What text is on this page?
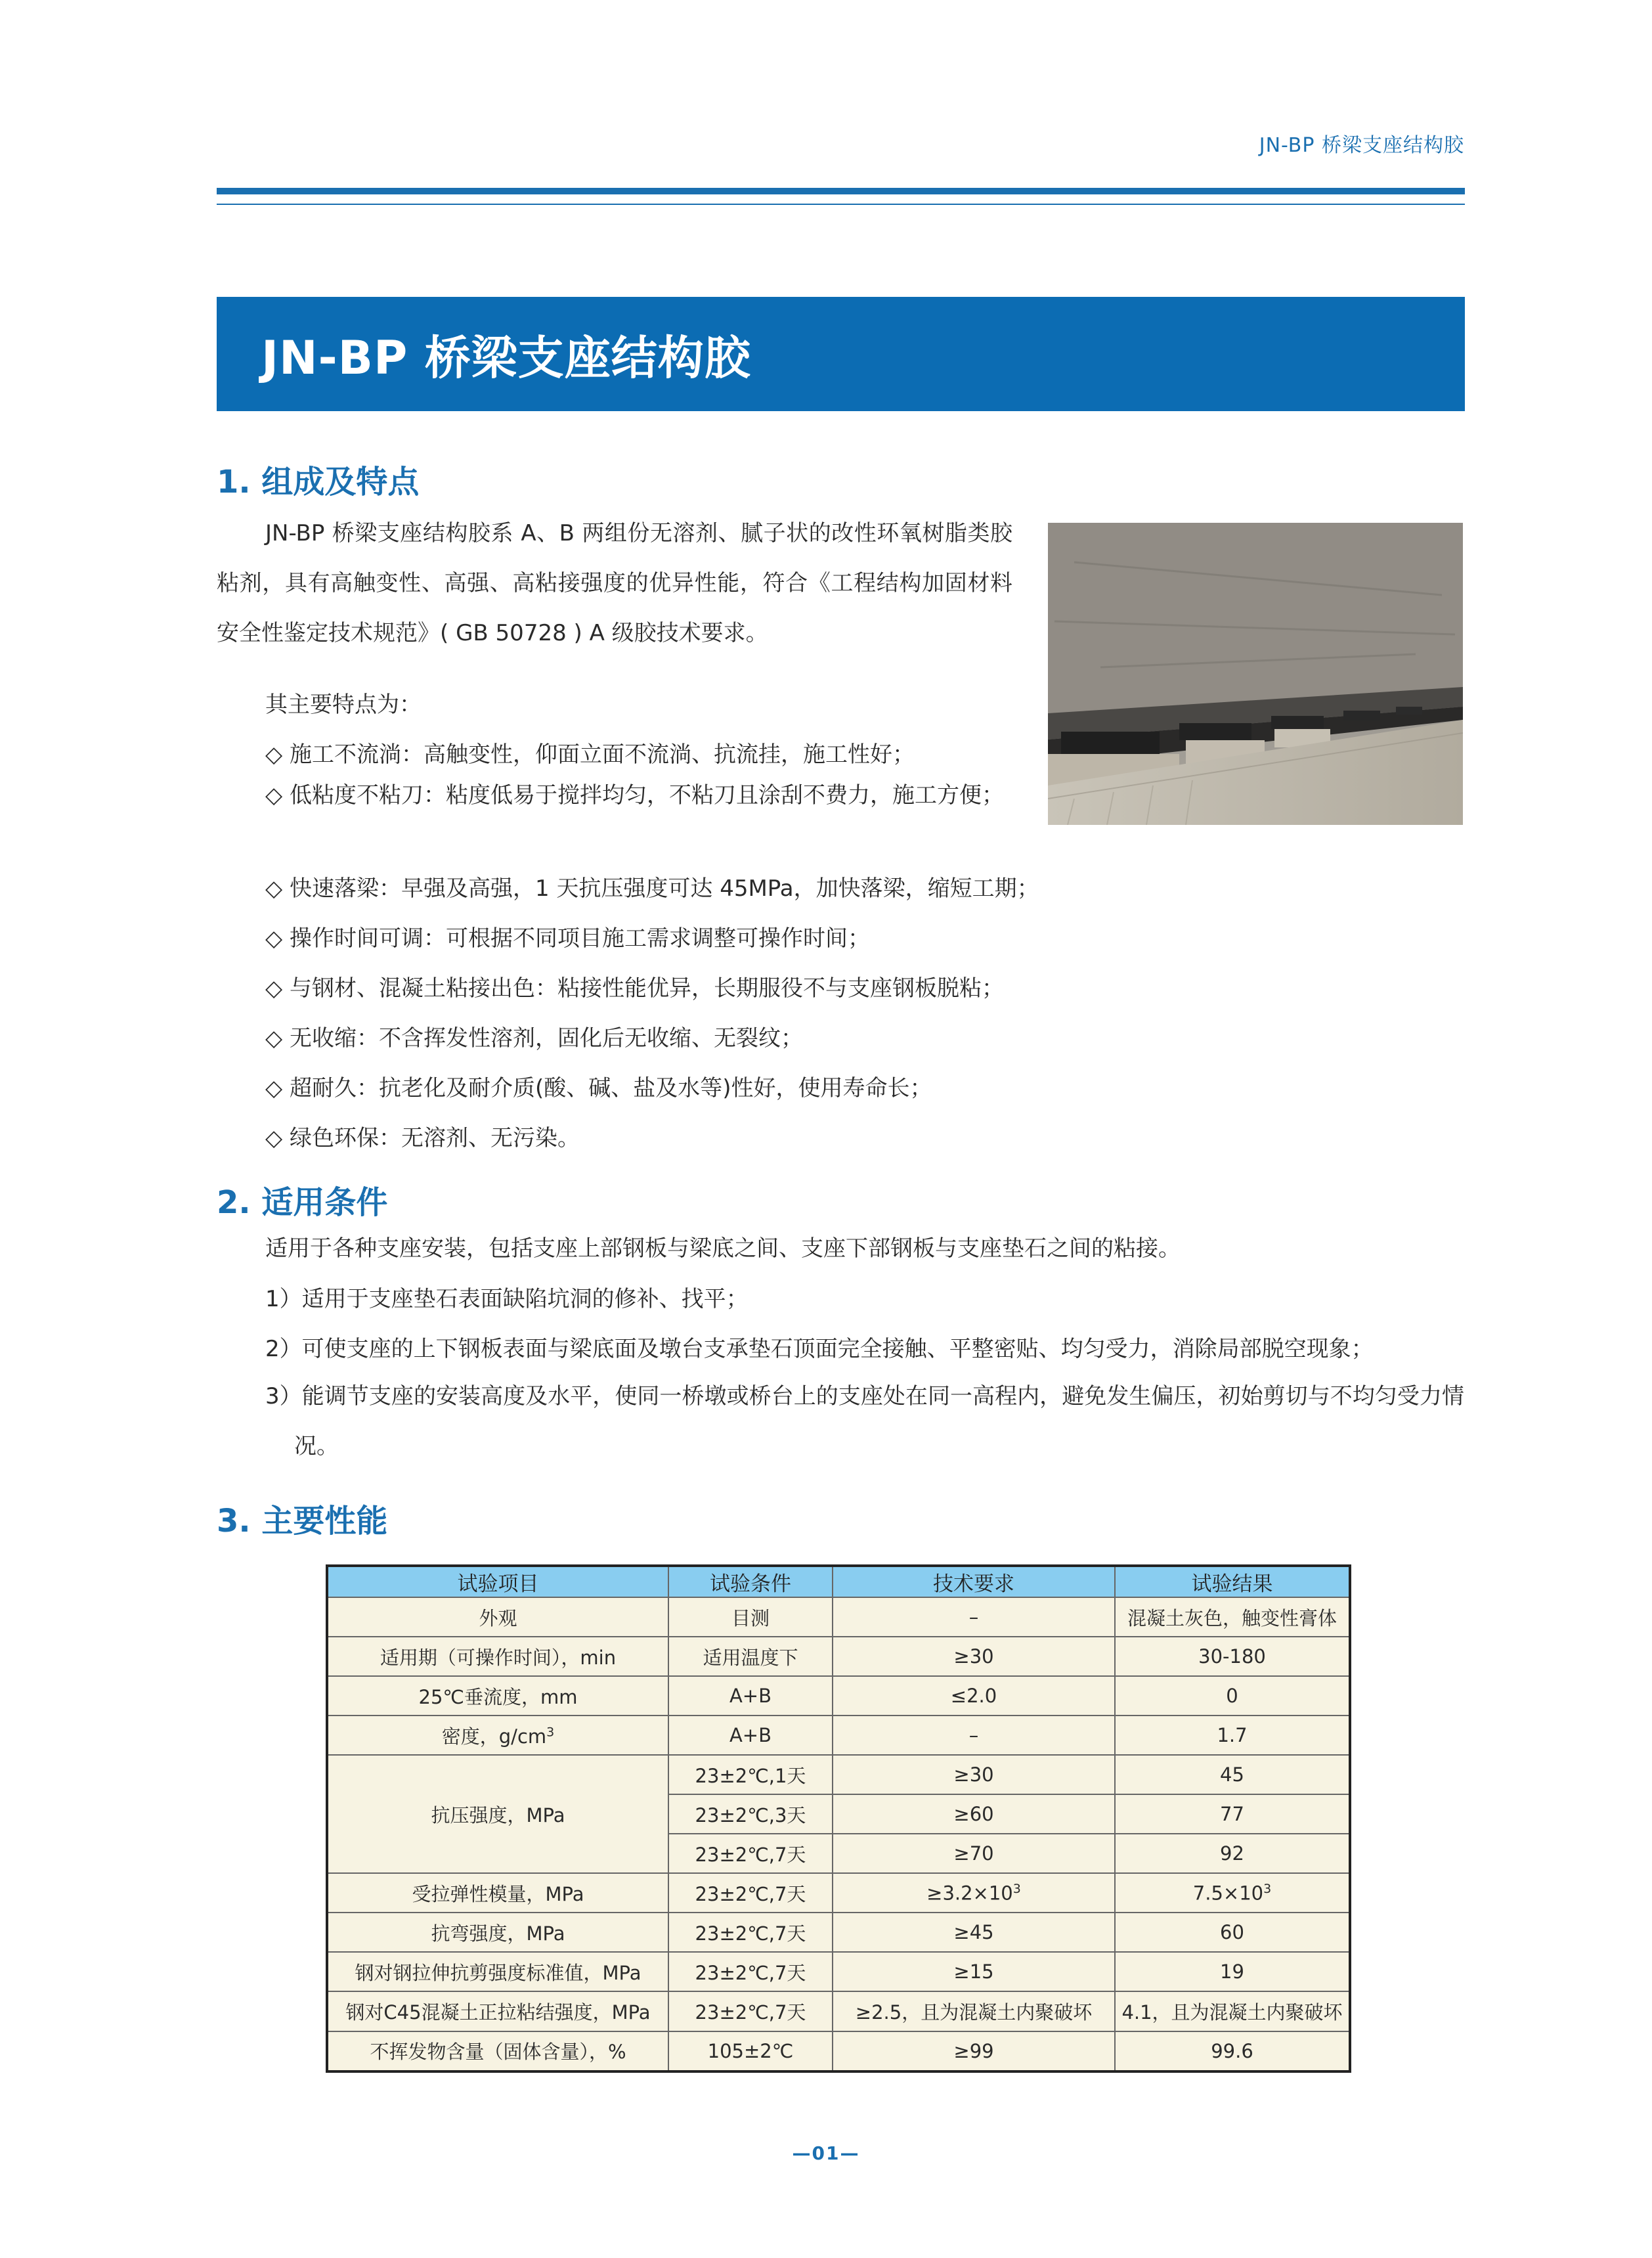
JN-BP 桥梁支座结构胶
JN-BP 桥梁支座结构胶
1. 组成及特点

JN-BP 桥梁支座结构胶系 A、B 两组份无溶剂、腻子状的改性环氧树脂类胶粘剂，具有高触变性、高强、高粘接强度的优异性能，符合《工程结构加固材料安全性鉴定技术规范》( GB 50728 ) A 级胶技术要求。

其主要特点为：
◇ 施工不流淌：高触变性，仰面立面不流淌、抗流挂，施工性好；

◇ 低粘度不粘刀：粘度低易于搅拌均匀，不粘刀且涂刮不费力，施工方便；

◇ 快速落梁：早强及高强，1 天抗压强度可达 45MPa，加快落梁，缩短工期；
◇ 操作时间可调：可根据不同项目施工需求调整可操作时间；
◇ 与钢材、混凝土粘接出色：粘接性能优异，长期服役不与支座钢板脱粘；
◇ 无收缩：不含挥发性溶剂，固化后无收缩、无裂纹；
◇ 超耐久：抗老化及耐介质(酸、碱、盐及水等)性好，使用寿命长；
◇ 绿色环保：无溶剂、无污染。
2. 适用条件
适用于各种支座安装，包括支座上部钢板与梁底之间、支座下部钢板与支座垫石之间的粘接。
1）适用于支座垫石表面缺陷坑洞的修补、找平；
2）可使支座的上下钢板表面与梁底面及墩台支承垫石顶面完全接触、平整密贴、均匀受力，消除局部脱空现象；

3）能调节支座的安装高度及水平，使同一桥墩或桥台上的支座处在同一高程内，避免发生偏压，初始剪切与不均匀受力情况。

3. 主要性能
试验项目	试验条件	技术要求	试验结果
外观	目测	–	混凝土灰色，触变性膏体
适用期（可操作时间），min	适用温度下	≥30	30-180
25℃垂流度，mm	A+B	≤2.0	0
密度，$g/cm^3$	A+B	–	1.7
抗压强度，MPa	23±2℃,1天	≥30	45
	23±2℃,3天	≥60	77
	23±2℃,7天	≥70	92
受拉弹性模量，MPa	23±2℃,7天	$\ge 3.2\times 10^3$	$7.5\times 10^3$
抗弯强度，MPa	23±2℃,7天	≥45	60
钢对钢拉伸抗剪强度标准值，MPa	23±2℃,7天	≥15	19
钢对C45混凝土正拉粘结强度，MPa	23±2℃,7天	≥2.5，且为混凝土内聚破坏	4.1，且为混凝土内聚破坏
不挥发物含量（固体含量），%	105±2℃	≥99	99.6
—01—
